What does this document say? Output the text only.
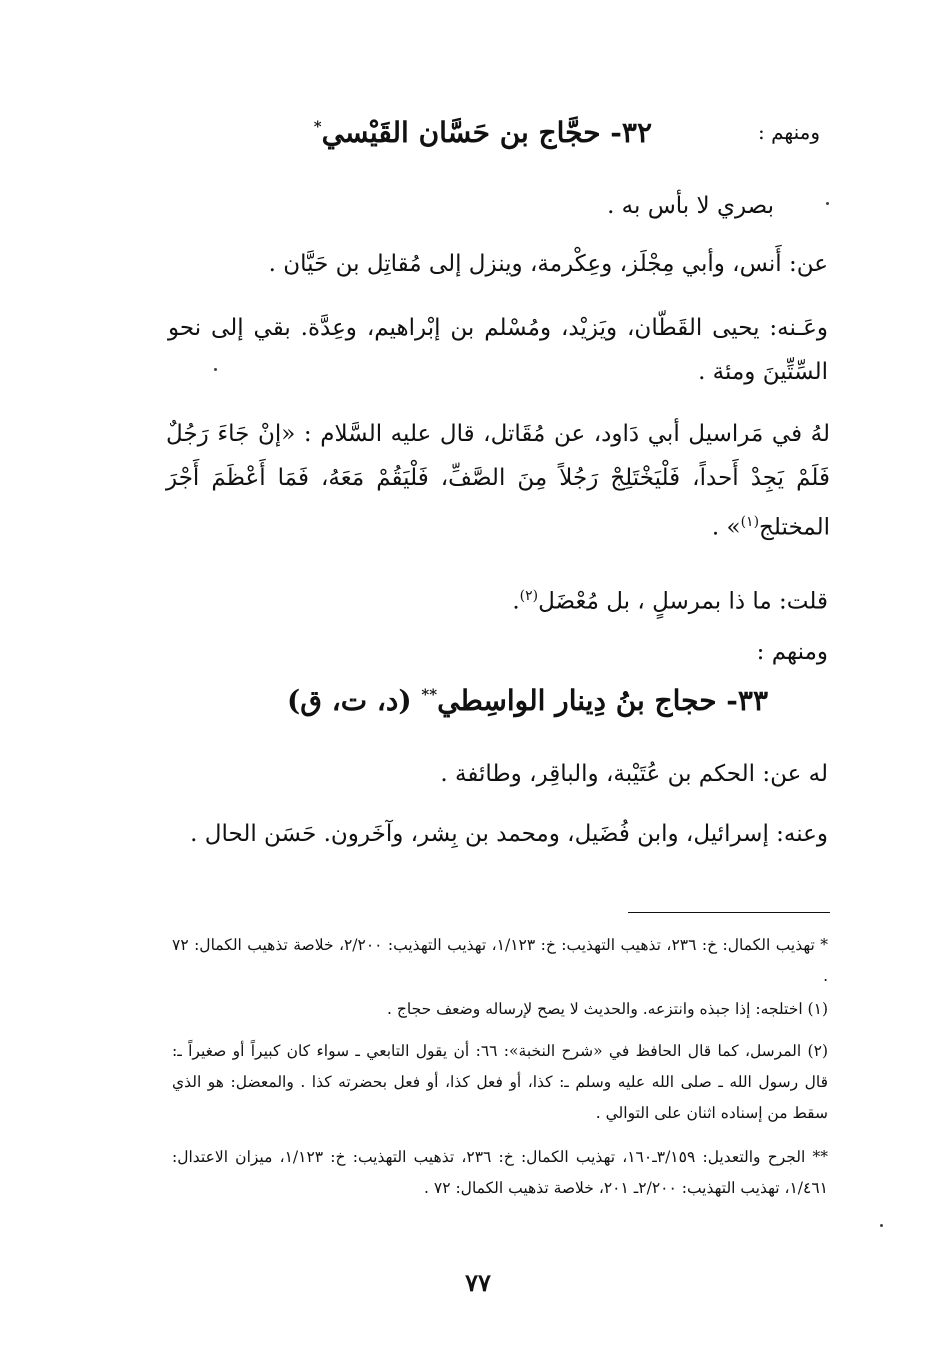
ومنهم :
٣٢- حجَّاج بن حَسَّان القَيْسي*
بصري لا بأس به .
عن: أَنس، وأبي مِجْلَز، وعِكْرمة، وينزل إلى مُقاتِل بن حَيَّان .
وعَـنه: يحيى القَطّان، ويَزيْد، ومُسْلم بن إبْراهيم، وعِدَّة. بقي إلى نحو السِّتِّينَ ومئة .
لهُ في مَراسيل أبي دَاود، عن مُقَاتل، قال عليه السَّلام : «إنْ جَاءَ رَجُلٌ فَلَمْ يَجِدْ أَحداً، فَلْيَخْتَلِجْ رَجُلاً مِنَ الصَّفِّ، فَلْيَقُمْ مَعَهُ، فَمَا أَعْظَمَ أَجْرَ المختلج$^{(١)}$» .
قلت: ما ذا بمرسلٍ ، بل مُعْضَل$^{(٢)}$.
ومنهم :
٣٣- حجاج بنُ دِينار الواسِطي** (د، ت، ق)
له عن: الحكم بن عُتَيْبة، والباقِر، وطائفة .
وعنه: إسرائيل، وابن فُضَيل، ومحمد بن بِشر، وآخَرون. حَسَن الحال .
* تهذيب الكمال: خ: ٢٣٦، تذهيب التهذيب: خ: ١/١٢٣، تهذيب التهذيب: ٢/٢٠٠، خلاصة تذهيب الكمال: ٧٢ .
(١) اختلجه: إذا جبذه وانتزعه. والحديث لا يصح لإرساله وضعف حجاج .
(٢) المرسل، كما قال الحافظ في «شرح النخبة»: ٦٦: أن يقول التابعي ـ سواء كان كبيراً أو صغيراً ـ: قال رسول الله ـ صلى الله عليه وسلم ـ: كذا، أو فعل كذا، أو فعل بحضرته كذا . والمعضل: هو الذي سقط من إسناده اثنان على التوالي .
** الجرح والتعديل: ٣/١٥٩ـ١٦٠، تهذيب الكمال: خ: ٢٣٦، تذهيب التهذيب: خ: ١/١٢٣، ميزان الاعتدال: ١/٤٦١، تهذيب التهذيب: ٢/٢٠٠ـ ٢٠١، خلاصة تذهيب الكمال: ٧٢ .
٧٧
